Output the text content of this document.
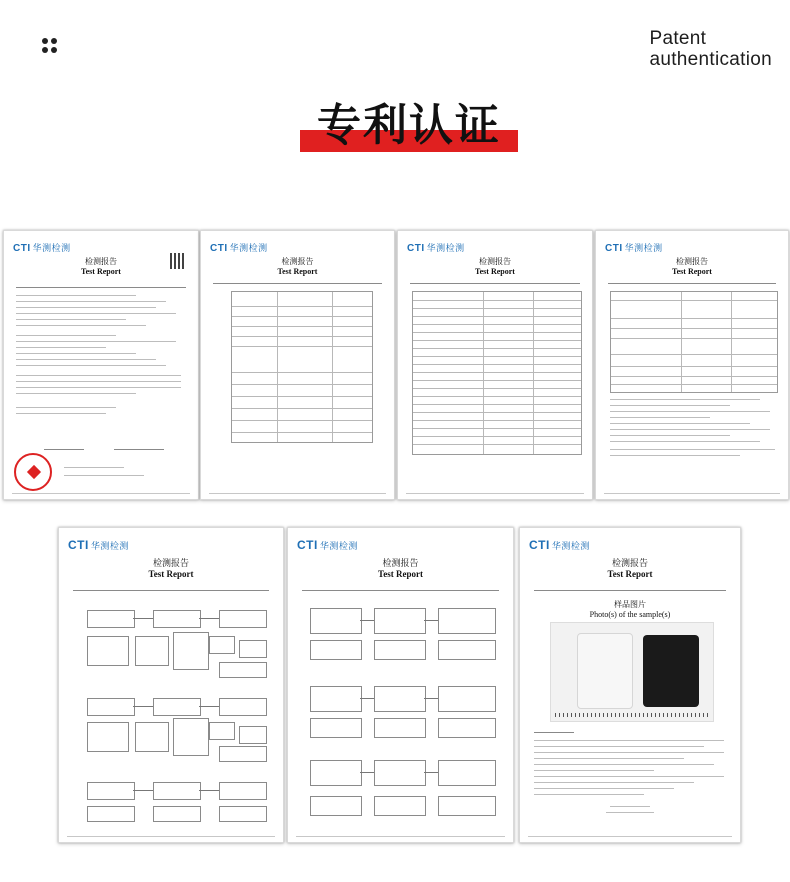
Patent
authentication
专利认证
CTI 华测检测
检测报告
Test Report
CTI 华测检测
检测报告
Test Report
CTI 华测检测
检测报告
Test Report
CTI 华测检测
检测报告
Test Report
CTI 华测检测
检测报告
Test Report
CTI 华测检测
检测报告
Test Report
CTI 华测检测
检测报告
Test Report
样品图片
Photo(s) of the sample(s)
